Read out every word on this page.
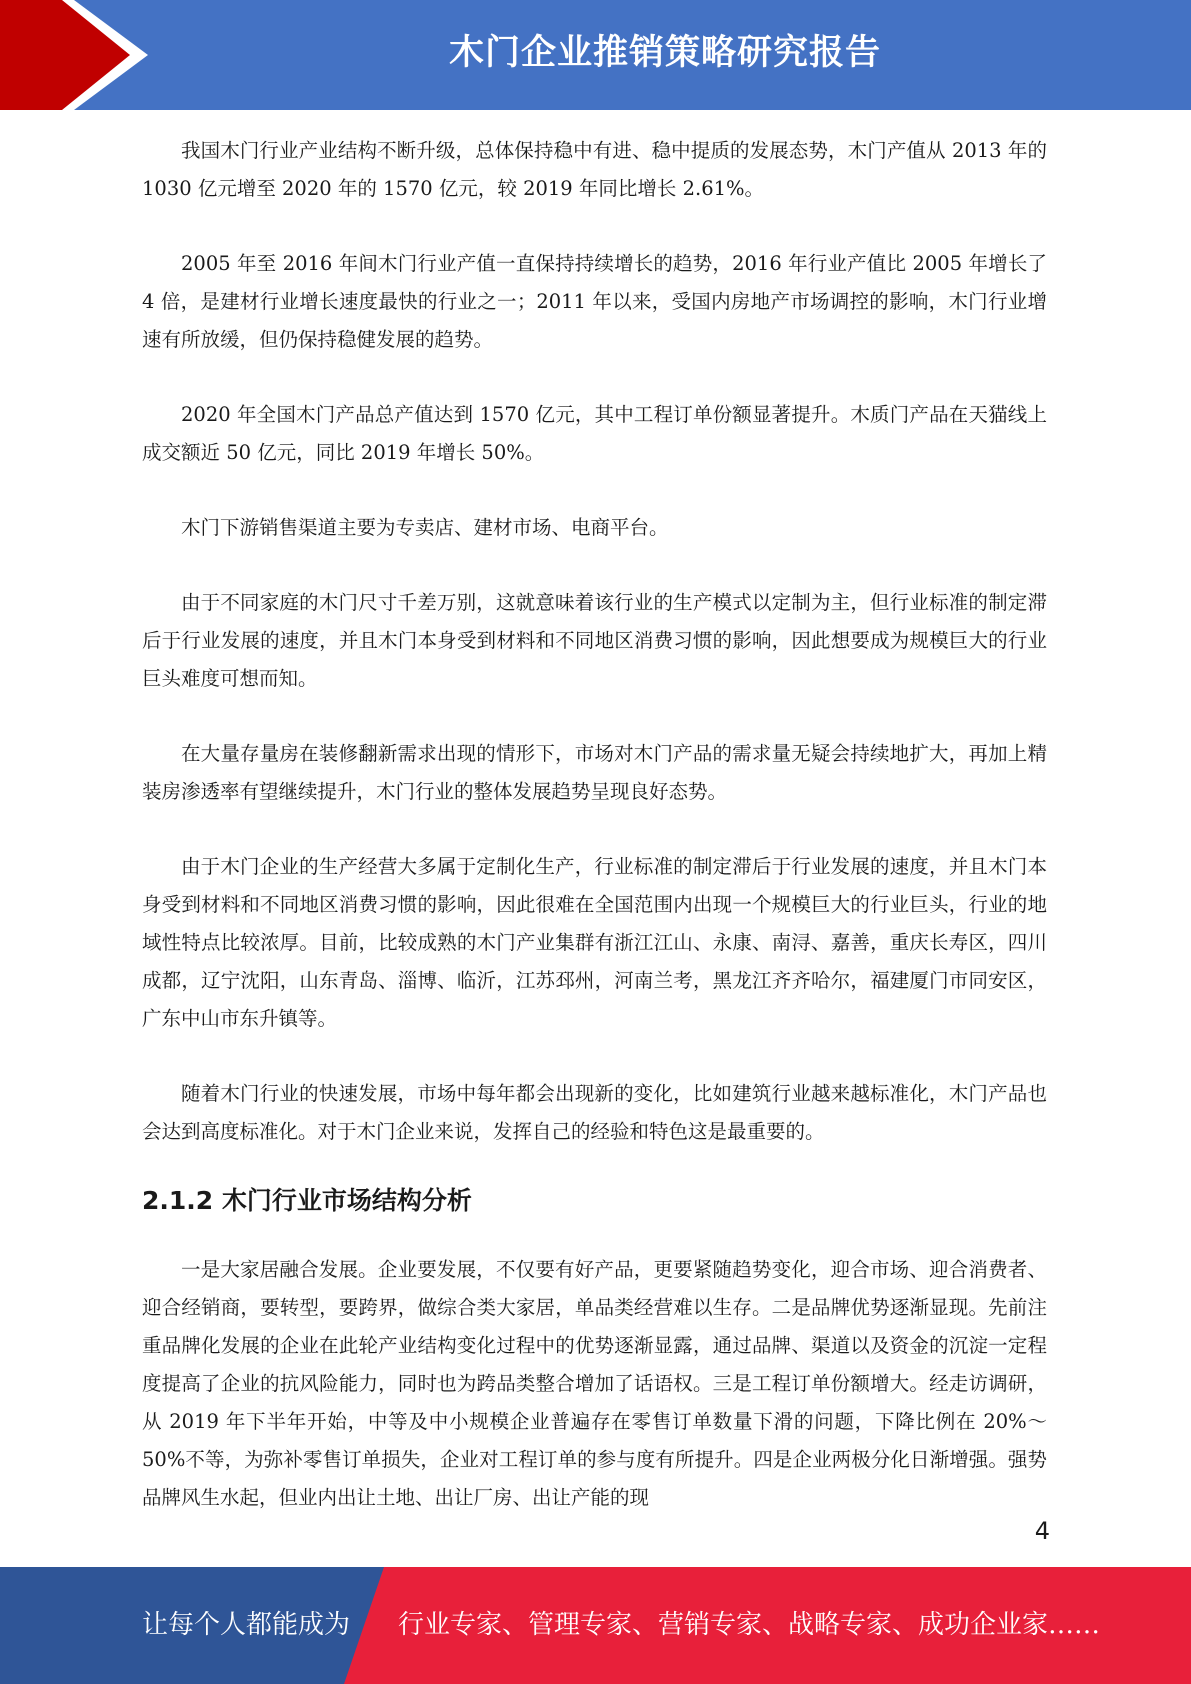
木门企业推销策略研究报告

我国木门行业产业结构不断升级，总体保持稳中有进、稳中提质的发展态势，木门产值从 2013 年的 1030 亿元增至 2020 年的 1570 亿元，较 2019 年同比增长 2.61%。

2005 年至 2016 年间木门行业产值一直保持持续增长的趋势，2016 年行业产值比 2005 年增长了 4 倍，是建材行业增长速度最快的行业之一；2011 年以来，受国内房地产市场调控的影响，木门行业增速有所放缓，但仍保持稳健发展的趋势。

2020 年全国木门产品总产值达到 1570 亿元，其中工程订单份额显著提升。木质门产品在天猫线上成交额近 50 亿元，同比 2019 年增长 50%。

木门下游销售渠道主要为专卖店、建材市场、电商平台。

由于不同家庭的木门尺寸千差万别，这就意味着该行业的生产模式以定制为主，但行业标准的制定滞后于行业发展的速度，并且木门本身受到材料和不同地区消费习惯的影响，因此想要成为规模巨大的行业巨头难度可想而知。

在大量存量房在装修翻新需求出现的情形下，市场对木门产品的需求量无疑会持续地扩大，再加上精装房渗透率有望继续提升，木门行业的整体发展趋势呈现良好态势。

由于木门企业的生产经营大多属于定制化生产，行业标准的制定滞后于行业发展的速度，并且木门本身受到材料和不同地区消费习惯的影响，因此很难在全国范围内出现一个规模巨大的行业巨头，行业的地域性特点比较浓厚。目前，比较成熟的木门产业集群有浙江江山、永康、南浔、嘉善，重庆长寿区，四川成都，辽宁沈阳，山东青岛、淄博、临沂，江苏邳州，河南兰考，黑龙江齐齐哈尔，福建厦门市同安区，广东中山市东升镇等。

随着木门行业的快速发展，市场中每年都会出现新的变化，比如建筑行业越来越标准化，木门产品也会达到高度标准化。对于木门企业来说，发挥自己的经验和特色这是最重要的。

2.1.2 木门行业市场结构分析

一是大家居融合发展。企业要发展，不仅要有好产品，更要紧随趋势变化，迎合市场、迎合消费者、迎合经销商，要转型，要跨界，做综合类大家居，单品类经营难以生存。二是品牌优势逐渐显现。先前注重品牌化发展的企业在此轮产业结构变化过程中的优势逐渐显露，通过品牌、渠道以及资金的沉淀一定程度提高了企业的抗风险能力，同时也为跨品类整合增加了话语权。三是工程订单份额增大。经走访调研，从 2019 年下半年开始，中等及中小规模企业普遍存在零售订单数量下滑的问题，下降比例在 20%～50%不等，为弥补零售订单损失，企业对工程订单的参与度有所提升。四是企业两极分化日渐增强。强势品牌风生水起，但业内出让土地、出让厂房、出让产能的现

4
让每个人都能成为 行业专家、管理专家、营销专家、战略专家、成功企业家……
